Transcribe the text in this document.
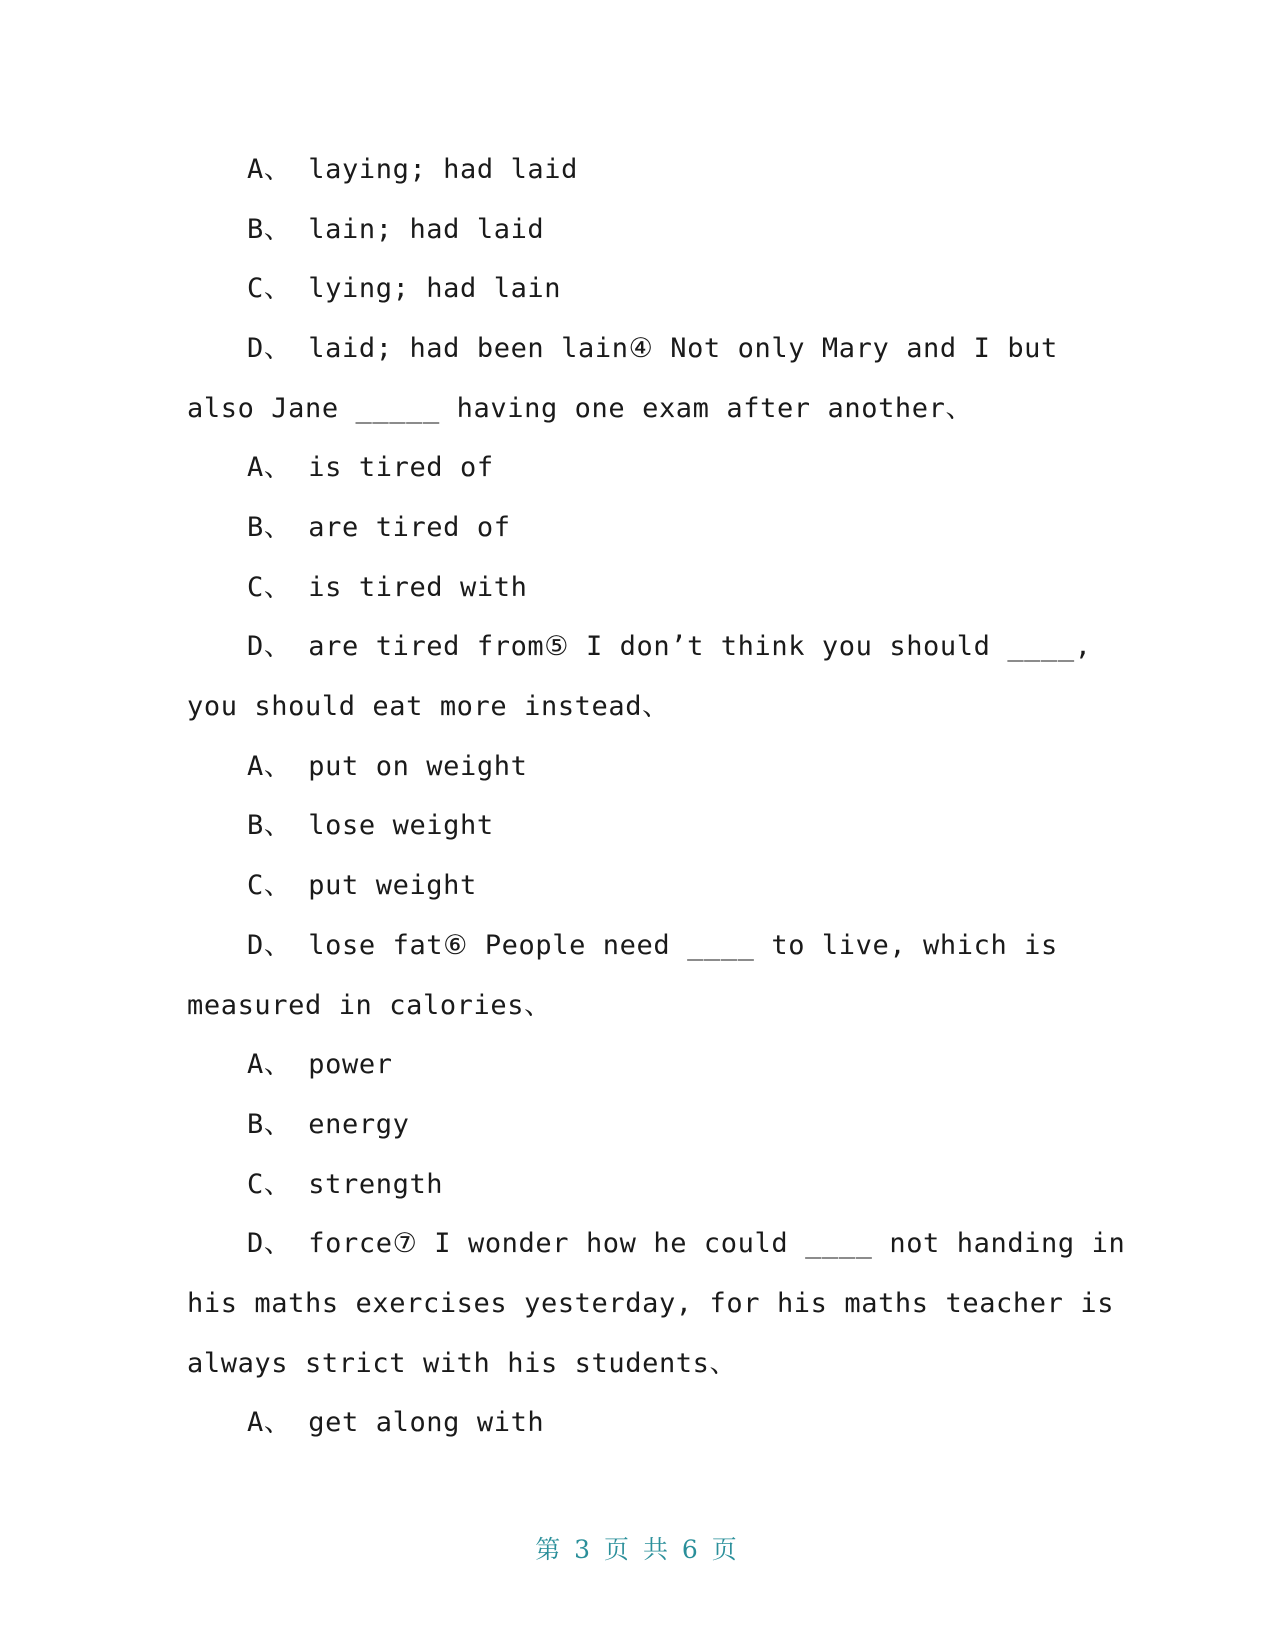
A、 laying; had laid
B、 lain; had laid
C、 lying; had lain
D、 laid; had been lain④ Not only Mary and I but
also Jane _____ having one exam after another、
A、 is tired of
B、 are tired of
C、 is tired with
D、 are tired from⑤ I don’t think you should ____,
you should eat more instead、
A、 put on weight
B、 lose weight
C、 put weight
D、 lose fat⑥ People need ____ to live, which is
measured in calories、
A、 power
B、 energy
C、 strength
D、 force⑦ I wonder how he could ____ not handing in
his maths exercises yesterday, for his maths teacher is
always strict with his students、
A、 get along with
第 3 页 共 6 页
